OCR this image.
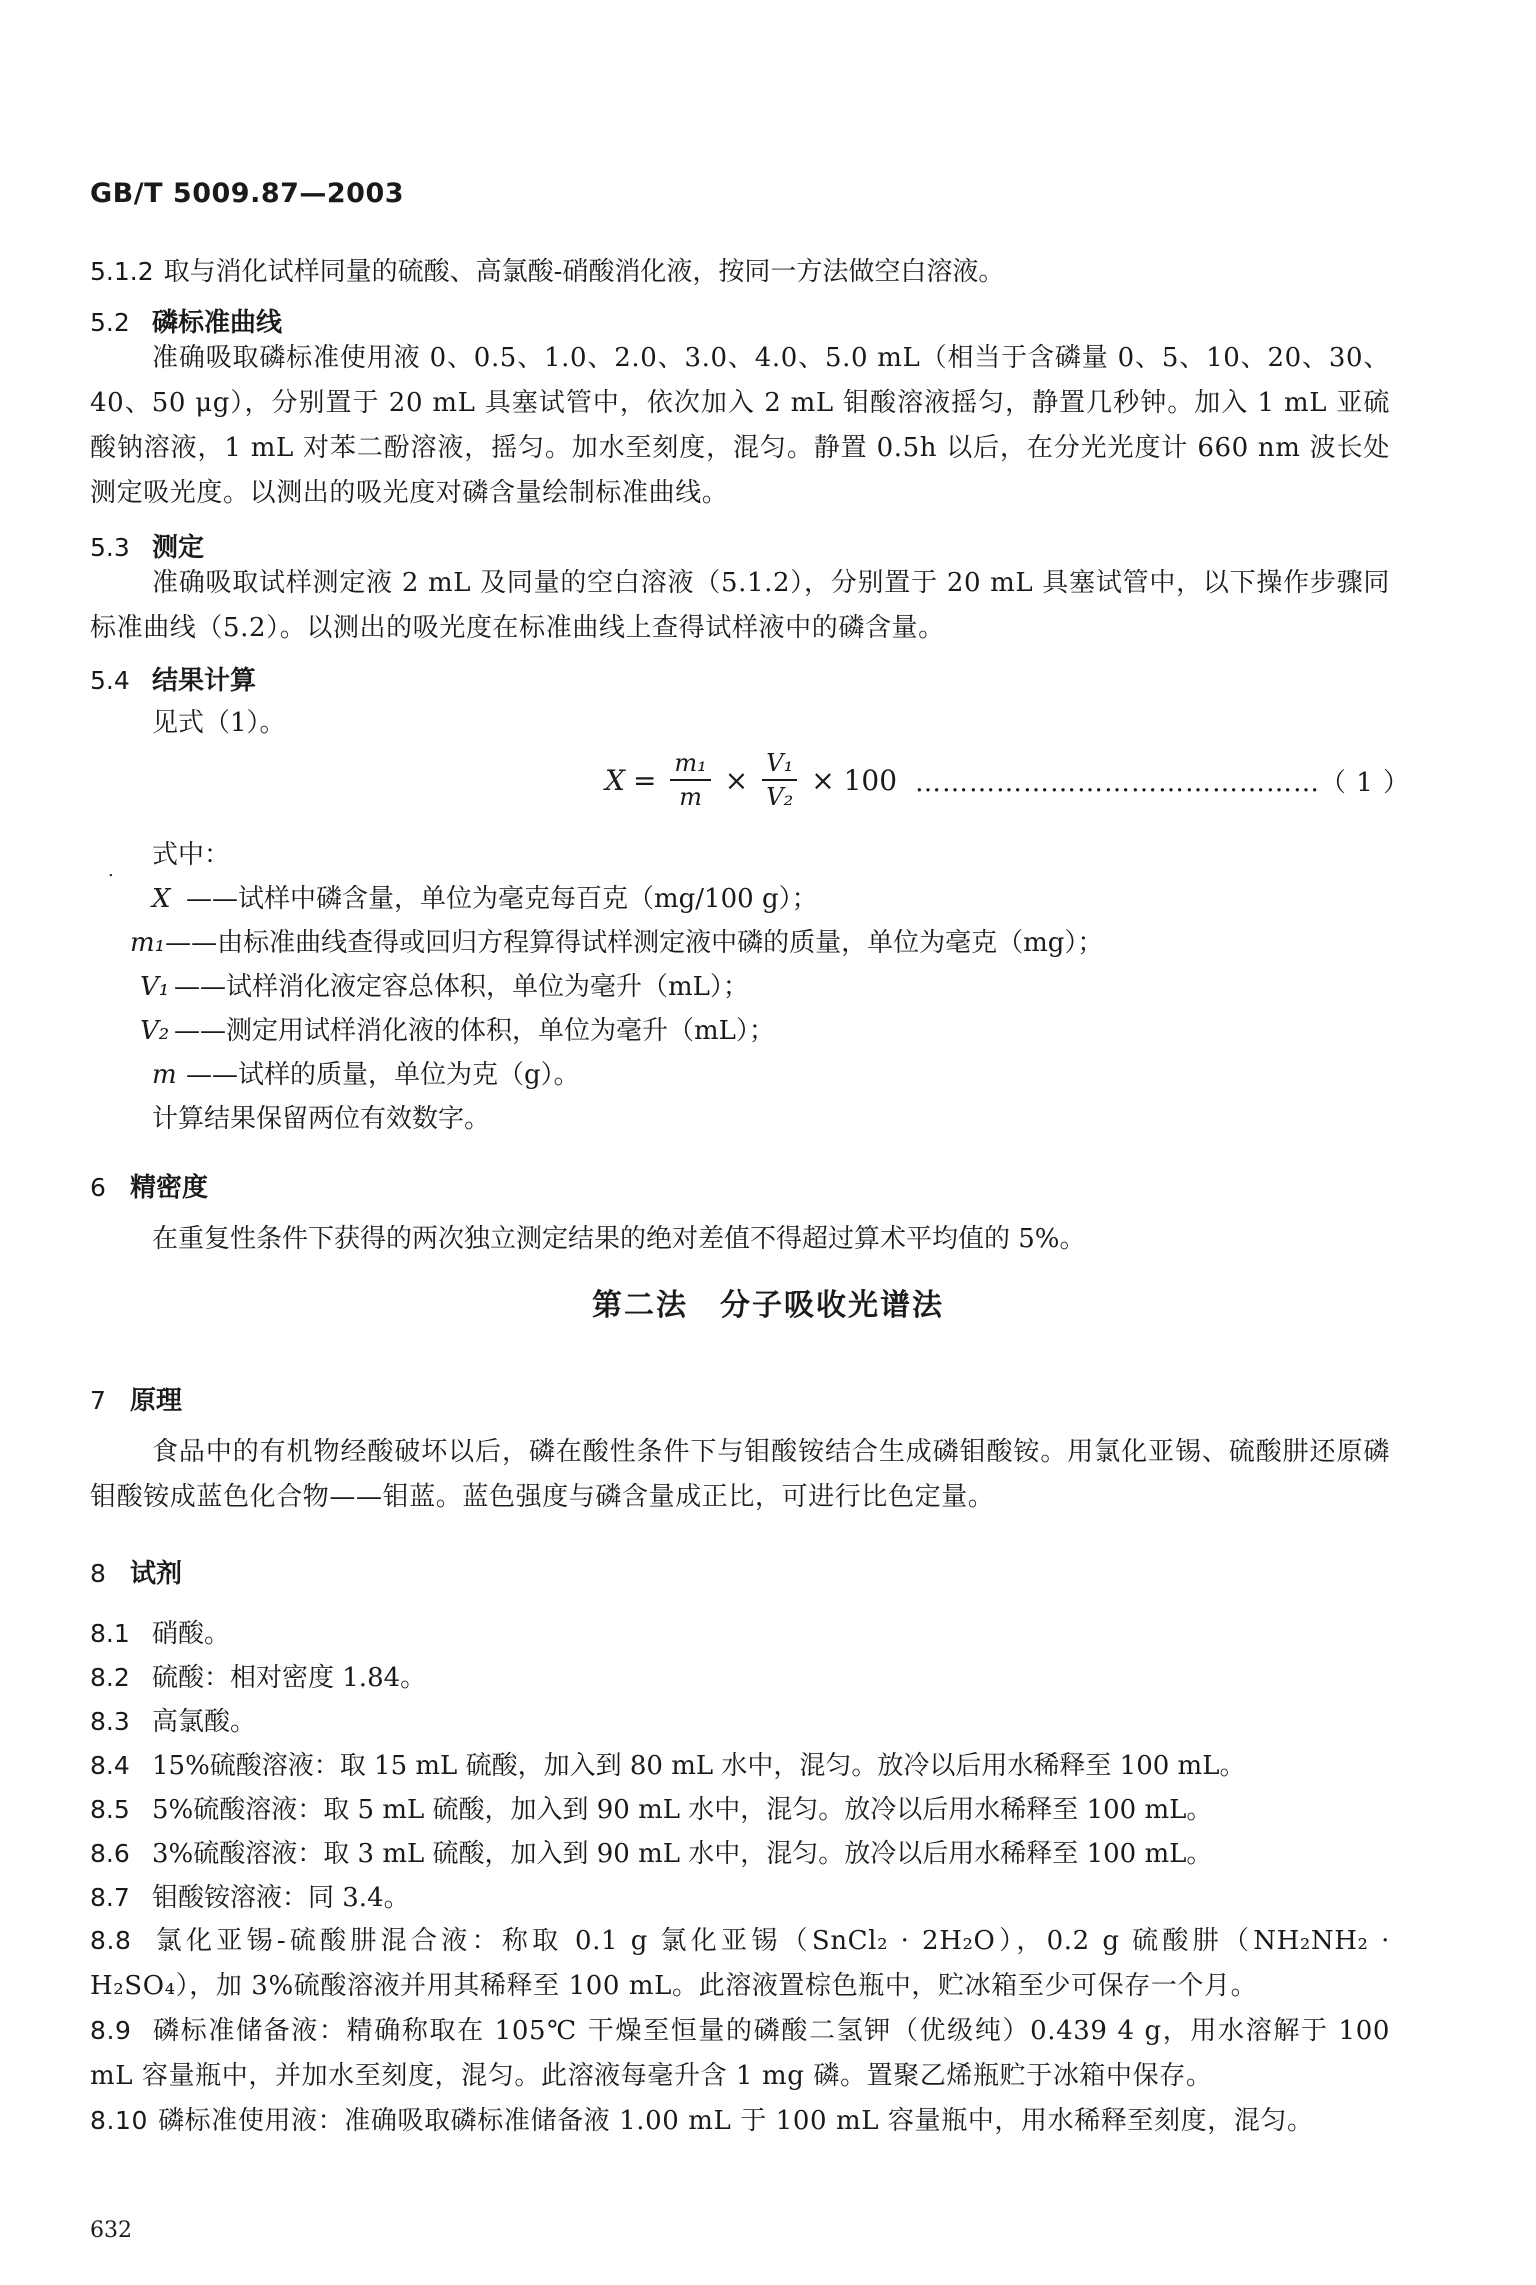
GB/T 5009.87—2003
5.1.2 取与消化试样同量的硫酸、高氯酸-硝酸消化液，按同一方法做空白溶液。
5.2 磷标准曲线
准确吸取磷标准使用液 0、0.5、1.0、2.0、3.0、4.0、5.0 mL（相当于含磷量 0、5、10、20、30、40、50 μg），分别置于 20 mL 具塞试管中，依次加入 2 mL 钼酸溶液摇匀，静置几秒钟。加入 1 mL 亚硫酸钠溶液，1 mL 对苯二酚溶液，摇匀。加水至刻度，混匀。静置 0.5h 以后，在分光光度计 660 nm 波长处测定吸光度。以测出的吸光度对磷含量绘制标准曲线。
5.3 测定
准确吸取试样测定液 2 mL 及同量的空白溶液（5.1.2），分别置于 20 mL 具塞试管中，以下操作步骤同标准曲线（5.2）。以测出的吸光度在标准曲线上查得试样液中的磷含量。
5.4 结果计算
见式（1）。
$X = \frac{\text{m₁}}{m} \times \frac{\text{V₁}}{\text{V₂}} \times 100$ ………………………………………（ 1 ）
.
式中：
X ——试样中磷含量，单位为毫克每百克（mg/100 g）；
m₁——由标准曲线查得或回归方程算得试样测定液中磷的质量，单位为毫克（mg）；
V₁ ——试样消化液定容总体积，单位为毫升（mL）；
V₂ ——测定用试样消化液的体积，单位为毫升（mL）；
m ——试样的质量，单位为克（g）。
计算结果保留两位有效数字。
6 精密度
在重复性条件下获得的两次独立测定结果的绝对差值不得超过算术平均值的 5%。
第二法　分子吸收光谱法
7 原理
食品中的有机物经酸破坏以后，磷在酸性条件下与钼酸铵结合生成磷钼酸铵。用氯化亚锡、硫酸肼还原磷钼酸铵成蓝色化合物——钼蓝。蓝色强度与磷含量成正比，可进行比色定量。
8 试剂
8.1 硝酸。
8.2 硫酸：相对密度 1.84。
8.3 高氯酸。
8.4 15%硫酸溶液：取 15 mL 硫酸，加入到 80 mL 水中，混匀。放冷以后用水稀释至 100 mL。
8.5 5%硫酸溶液：取 5 mL 硫酸，加入到 90 mL 水中，混匀。放冷以后用水稀释至 100 mL。
8.6 3%硫酸溶液：取 3 mL 硫酸，加入到 90 mL 水中，混匀。放冷以后用水稀释至 100 mL。
8.7 钼酸铵溶液：同 3.4。
8.8 氯化亚锡-硫酸肼混合液：称取 0.1 g 氯化亚锡（SnCl₂ · 2H₂O），0.2 g 硫酸肼（NH₂NH₂ · H₂SO₄），加 3%硫酸溶液并用其稀释至 100 mL。此溶液置棕色瓶中，贮冰箱至少可保存一个月。
8.9 磷标准储备液：精确称取在 105℃ 干燥至恒量的磷酸二氢钾（优级纯）0.439 4 g，用水溶解于 100 mL 容量瓶中，并加水至刻度，混匀。此溶液每毫升含 1 mg 磷。置聚乙烯瓶贮于冰箱中保存。
8.10 磷标准使用液：准确吸取磷标准储备液 1.00 mL 于 100 mL 容量瓶中，用水稀释至刻度，混匀。
632
